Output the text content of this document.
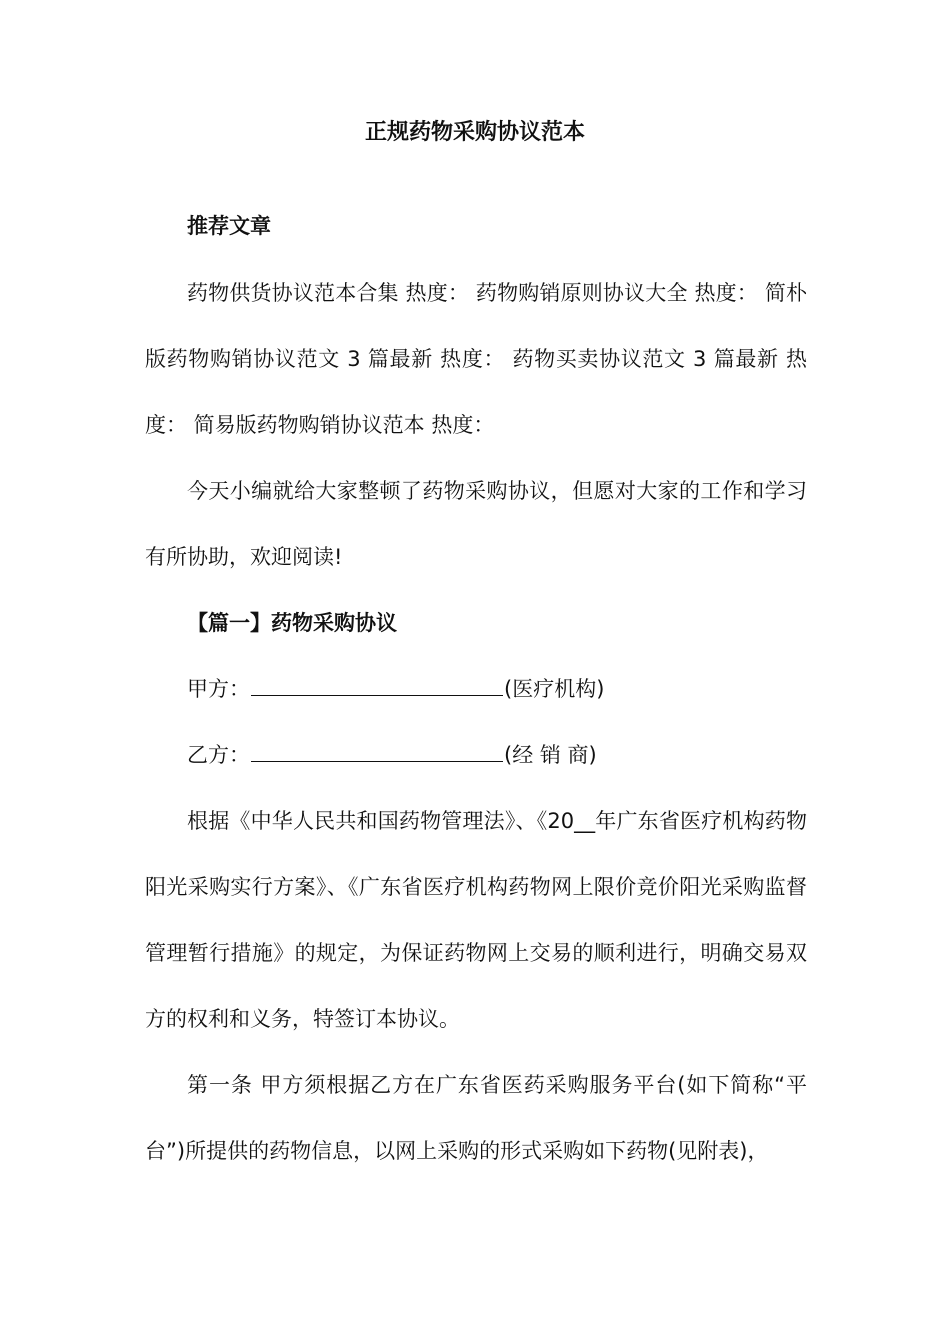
正规药物采购协议范本
推荐文章
药物供货协议范本合集 热度： 药物购销原则协议大全 热度： 简朴版药物购销协议范文 3 篇最新 热度： 药物买卖协议范文 3 篇最新 热度： 简易版药物购销协议范本 热度：
今天小编就给大家整顿了药物采购协议，但愿对大家的工作和学习有所协助，欢迎阅读!
【篇一】药物采购协议
甲方：	(医疗机构)
乙方：	(经 销 商)
根据《中华人民共和国药物管理法》、《20__年广东省医疗机构药物阳光采购实行方案》、《广东省医疗机构药物网上限价竞价阳光采购监督管理暂行措施》的规定，为保证药物网上交易的顺利进行，明确交易双方的权利和义务，特签订本协议。
第一条 甲方须根据乙方在广东省医药采购服务平台(如下简称“平台”)所提供的药物信息，以网上采购的形式采购如下药物(见附表)，
